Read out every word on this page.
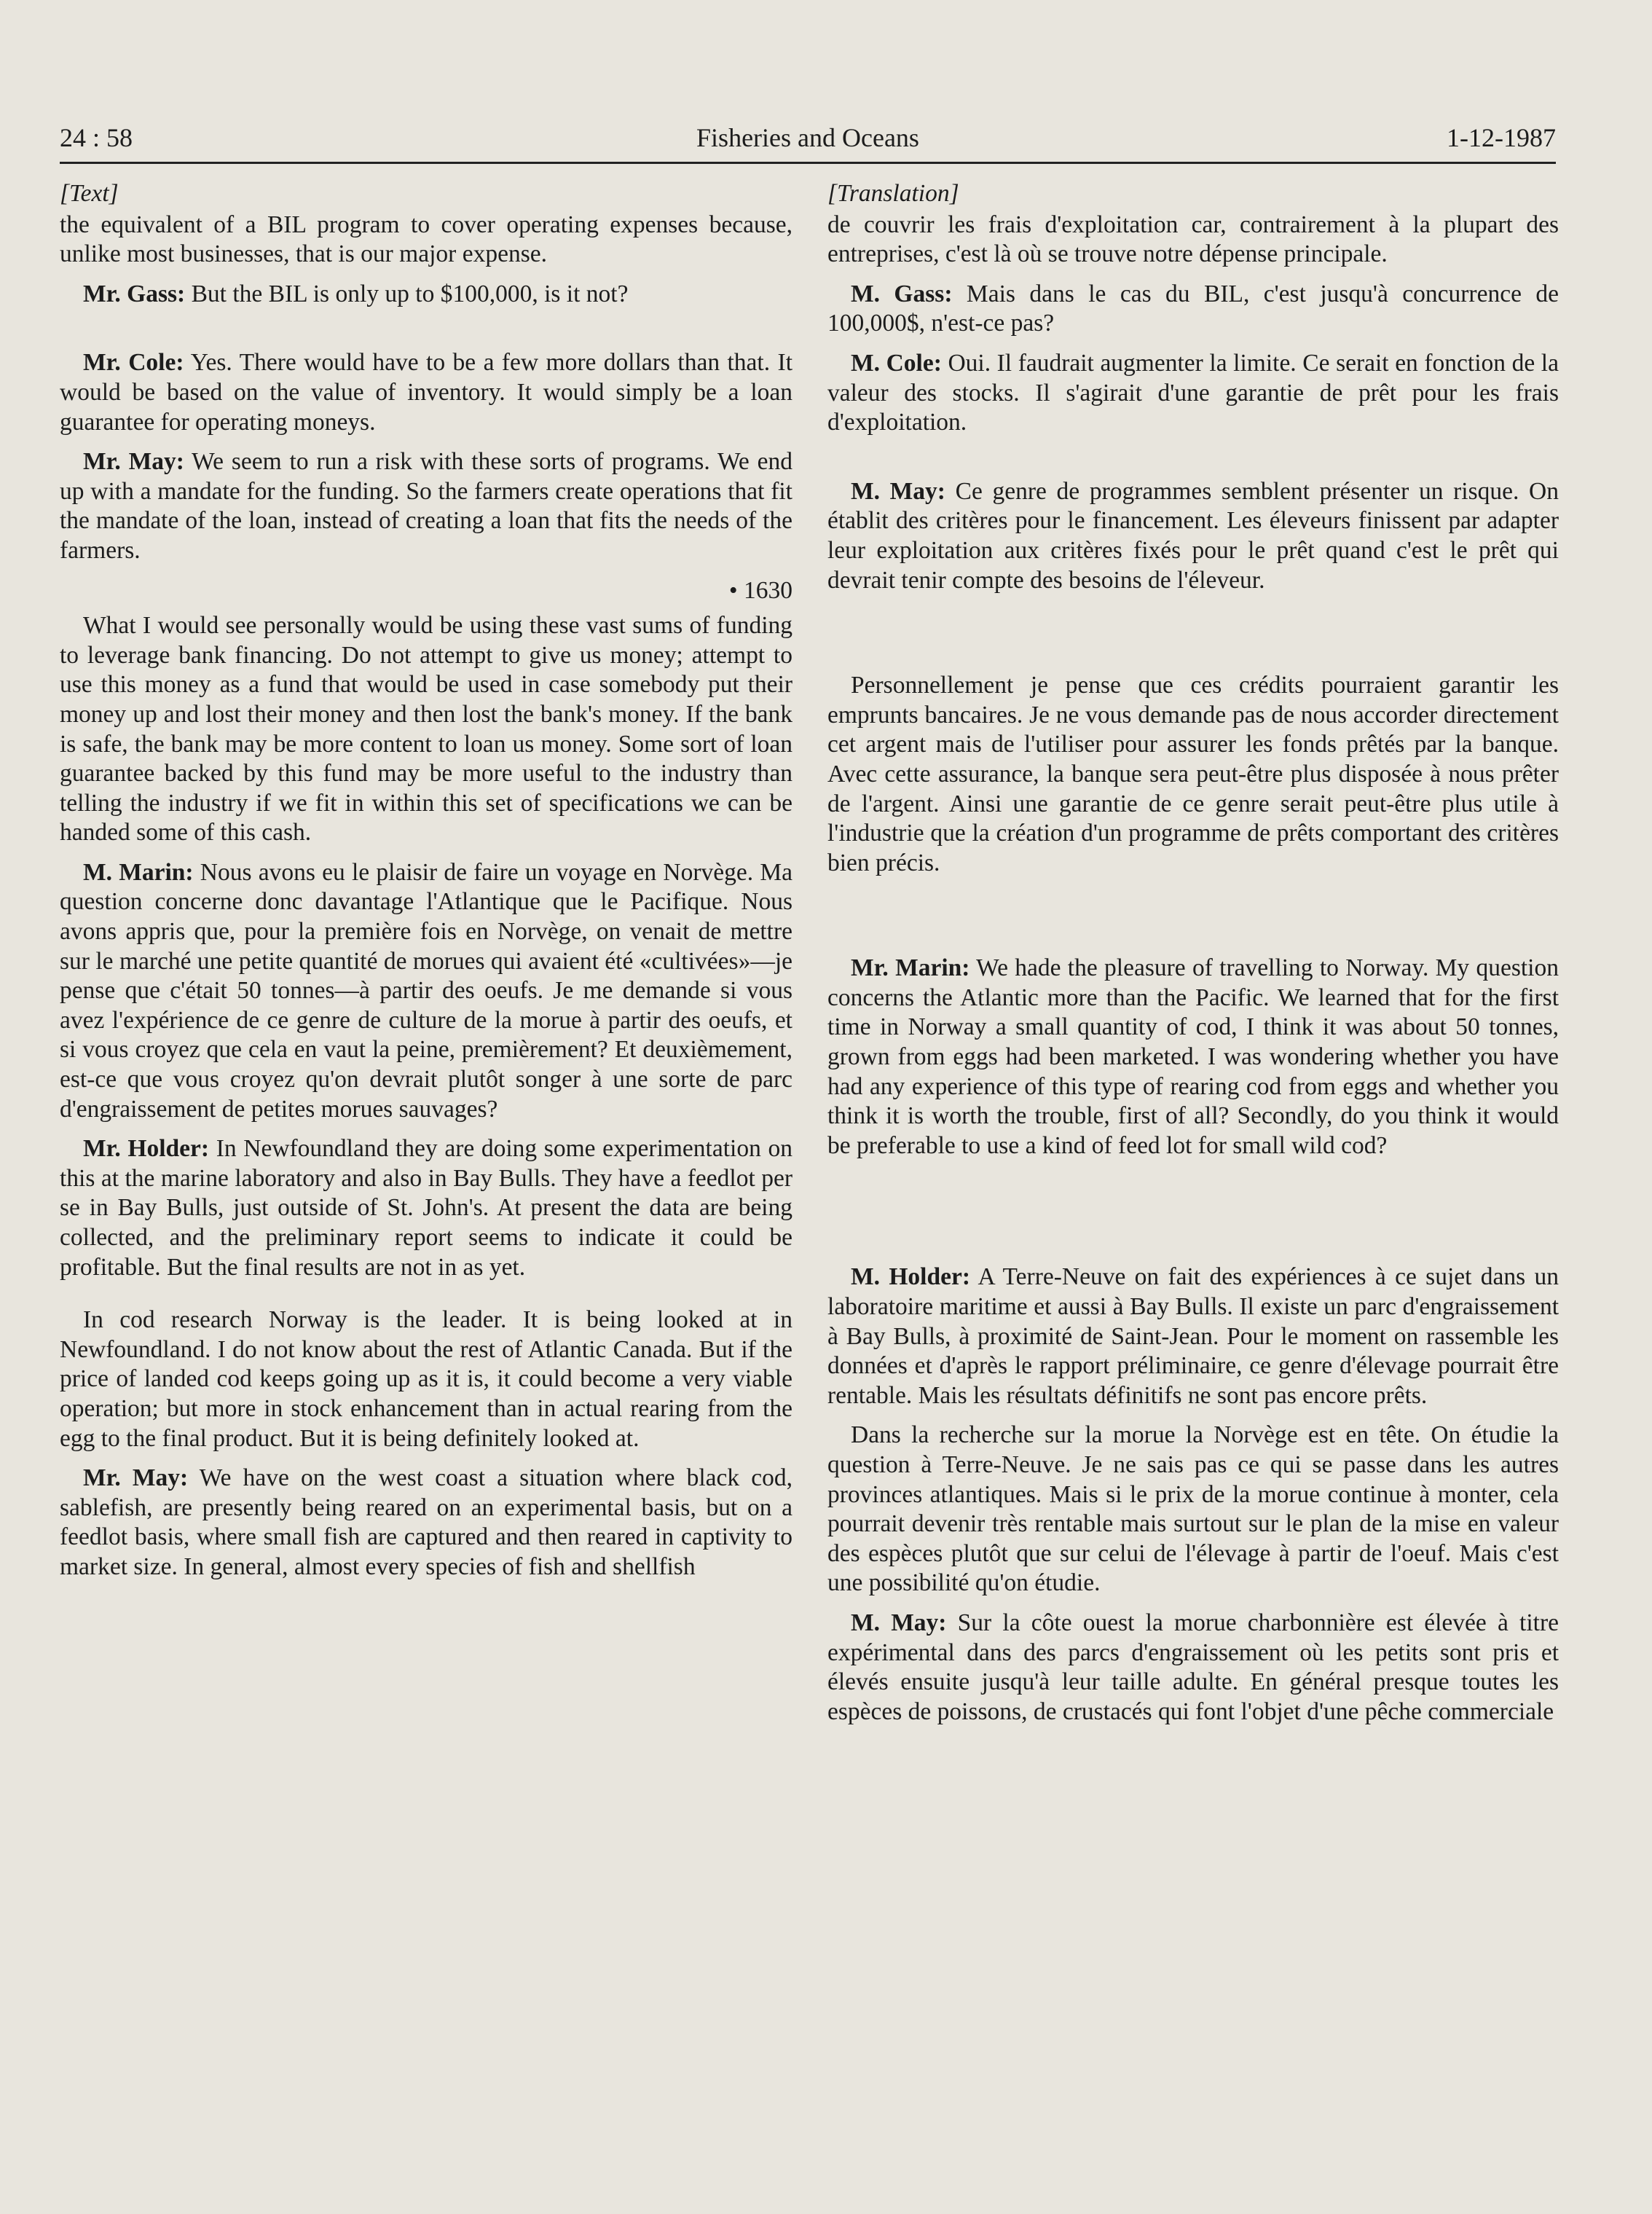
24 : 58	Fisheries and Oceans	1-12-1987
[Text]

the equivalent of a BIL program to cover operating expenses because, unlike most businesses, that is our major expense.

Mr. Gass: But the BIL is only up to $100,000, is it not?

Mr. Cole: Yes. There would have to be a few more dollars than that. It would be based on the value of inventory. It would simply be a loan guarantee for operating moneys.

Mr. May: We seem to run a risk with these sorts of programs. We end up with a mandate for the funding. So the farmers create operations that fit the mandate of the loan, instead of creating a loan that fits the needs of the farmers.

• 1630

What I would see personally would be using these vast sums of funding to leverage bank financing. Do not attempt to give us money; attempt to use this money as a fund that would be used in case somebody put their money up and lost their money and then lost the bank's money. If the bank is safe, the bank may be more content to loan us money. Some sort of loan guarantee backed by this fund may be more useful to the industry than telling the industry if we fit in within this set of specifications we can be handed some of this cash.

M. Marin: Nous avons eu le plaisir de faire un voyage en Norvège. Ma question concerne donc davantage l'Atlantique que le Pacifique. Nous avons appris que, pour la première fois en Norvège, on venait de mettre sur le marché une petite quantité de morues qui avaient été «cultivées»—je pense que c'était 50 tonnes—à partir des oeufs. Je me demande si vous avez l'expérience de ce genre de culture de la morue à partir des oeufs, et si vous croyez que cela en vaut la peine, premièrement? Et deuxièmement, est-ce que vous croyez qu'on devrait plutôt songer à une sorte de parc d'engraissement de petites morues sauvages?

Mr. Holder: In Newfoundland they are doing some experimentation on this at the marine laboratory and also in Bay Bulls. They have a feedlot per se in Bay Bulls, just outside of St. John's. At present the data are being collected, and the preliminary report seems to indicate it could be profitable. But the final results are not in as yet.

In cod research Norway is the leader. It is being looked at in Newfoundland. I do not know about the rest of Atlantic Canada. But if the price of landed cod keeps going up as it is, it could become a very viable operation; but more in stock enhancement than in actual rearing from the egg to the final product. But it is being definitely looked at.

Mr. May: We have on the west coast a situation where black cod, sablefish, are presently being reared on an experimental basis, but on a feedlot basis, where small fish are captured and then reared in captivity to market size. In general, almost every species of fish and shellfish

[Translation]

de couvrir les frais d'exploitation car, contrairement à la plupart des entreprises, c'est là où se trouve notre dépense principale.

M. Gass: Mais dans le cas du BIL, c'est jusqu'à concurrence de 100,000$, n'est-ce pas?

M. Cole: Oui. Il faudrait augmenter la limite. Ce serait en fonction de la valeur des stocks. Il s'agirait d'une garantie de prêt pour les frais d'exploitation.

M. May: Ce genre de programmes semblent présenter un risque. On établit des critères pour le financement. Les éleveurs finissent par adapter leur exploitation aux critères fixés pour le prêt quand c'est le prêt qui devrait tenir compte des besoins de l'éleveur.

Personnellement je pense que ces crédits pourraient garantir les emprunts bancaires. Je ne vous demande pas de nous accorder directement cet argent mais de l'utiliser pour assurer les fonds prêtés par la banque. Avec cette assurance, la banque sera peut-être plus disposée à nous prêter de l'argent. Ainsi une garantie de ce genre serait peut-être plus utile à l'industrie que la création d'un programme de prêts comportant des critères bien précis.

Mr. Marin: We hade the pleasure of travelling to Norway. My question concerns the Atlantic more than the Pacific. We learned that for the first time in Norway a small quantity of cod, I think it was about 50 tonnes, grown from eggs had been marketed. I was wondering whether you have had any experience of this type of rearing cod from eggs and whether you think it is worth the trouble, first of all? Secondly, do you think it would be preferable to use a kind of feed lot for small wild cod?

M. Holder: A Terre-Neuve on fait des expériences à ce sujet dans un laboratoire maritime et aussi à Bay Bulls. Il existe un parc d'engraissement à Bay Bulls, à proximité de Saint-Jean. Pour le moment on rassemble les données et d'après le rapport préliminaire, ce genre d'élevage pourrait être rentable. Mais les résultats définitifs ne sont pas encore prêts.

Dans la recherche sur la morue la Norvège est en tête. On étudie la question à Terre-Neuve. Je ne sais pas ce qui se passe dans les autres provinces atlantiques. Mais si le prix de la morue continue à monter, cela pourrait devenir très rentable mais surtout sur le plan de la mise en valeur des espèces plutôt que sur celui de l'élevage à partir de l'oeuf. Mais c'est une possibilité qu'on étudie.

M. May: Sur la côte ouest la morue charbonnière est élevée à titre expérimental dans des parcs d'engraissement où les petits sont pris et élevés ensuite jusqu'à leur taille adulte. En général presque toutes les espèces de poissons, de crustacés qui font l'objet d'une pêche commerciale
